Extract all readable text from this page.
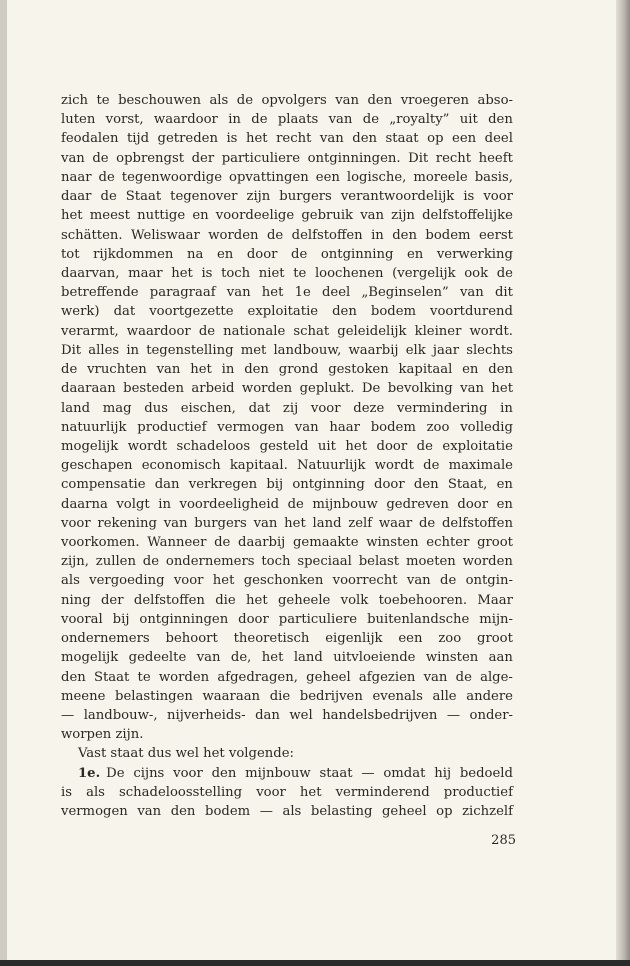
zich te beschouwen als de opvolgers van den vroegeren abso-
luten vorst, waardoor in de plaats van de „royalty” uit den
feodalen tijd getreden is het recht van den staat op een deel
van de opbrengst der particuliere ontginningen. Dit recht heeft
naar de tegenwoordige opvattingen een logische, moreele basis,
daar de Staat tegenover zijn burgers verantwoordelijk is voor
het meest nuttige en voordeelige gebruik van zijn delfstoffelijke
schätten. Weliswaar worden de delfstoffen in den bodem eerst
tot rijkdommen na en door de ontginning en verwerking
daarvan, maar het is toch niet te loochenen (vergelijk ook de
betreffende paragraaf van het 1e deel „Beginselen” van dit
werk) dat voortgezette exploitatie den bodem voortdurend
verarmt, waardoor de nationale schat geleidelijk kleiner wordt.
Dit alles in tegenstelling met landbouw, waarbij elk jaar slechts
de vruchten van het in den grond gestoken kapitaal en den
daaraan besteden arbeid worden geplukt. De bevolking van het
land mag dus eischen, dat zij voor deze vermindering in
natuurlijk productief vermogen van haar bodem zoo volledig
mogelijk wordt schadeloos gesteld uit het door de exploitatie
geschapen economisch kapitaal. Natuurlijk wordt de maximale
compensatie dan verkregen bij ontginning door den Staat, en
daarna volgt in voordeeligheid de mijnbouw gedreven door en
voor rekening van burgers van het land zelf waar de delfstoffen
voorkomen. Wanneer de daarbij gemaakte winsten echter groot
zijn, zullen de ondernemers toch speciaal belast moeten worden
als vergoeding voor het geschonken voorrecht van de ontgin-
ning der delfstoffen die het geheele volk toebehooren. Maar
vooral bij ontginningen door particuliere buitenlandsche mijn-
ondernemers behoort theoretisch eigenlijk een zoo groot
mogelijk gedeelte van de, het land uitvloeiende winsten aan
den Staat te worden afgedragen, geheel afgezien van de alge-
meene belastingen waaraan die bedrijven evenals alle andere
— landbouw-, nijverheids- dan wel handelsbedrijven — onder-
worpen zijn.
Vast staat dus wel het volgende:
1e. De cijns voor den mijnbouw staat — omdat hij bedoeld
is als schadeloosstelling voor het verminderend productief
vermogen van den bodem — als belasting geheel op zichzelf
285
